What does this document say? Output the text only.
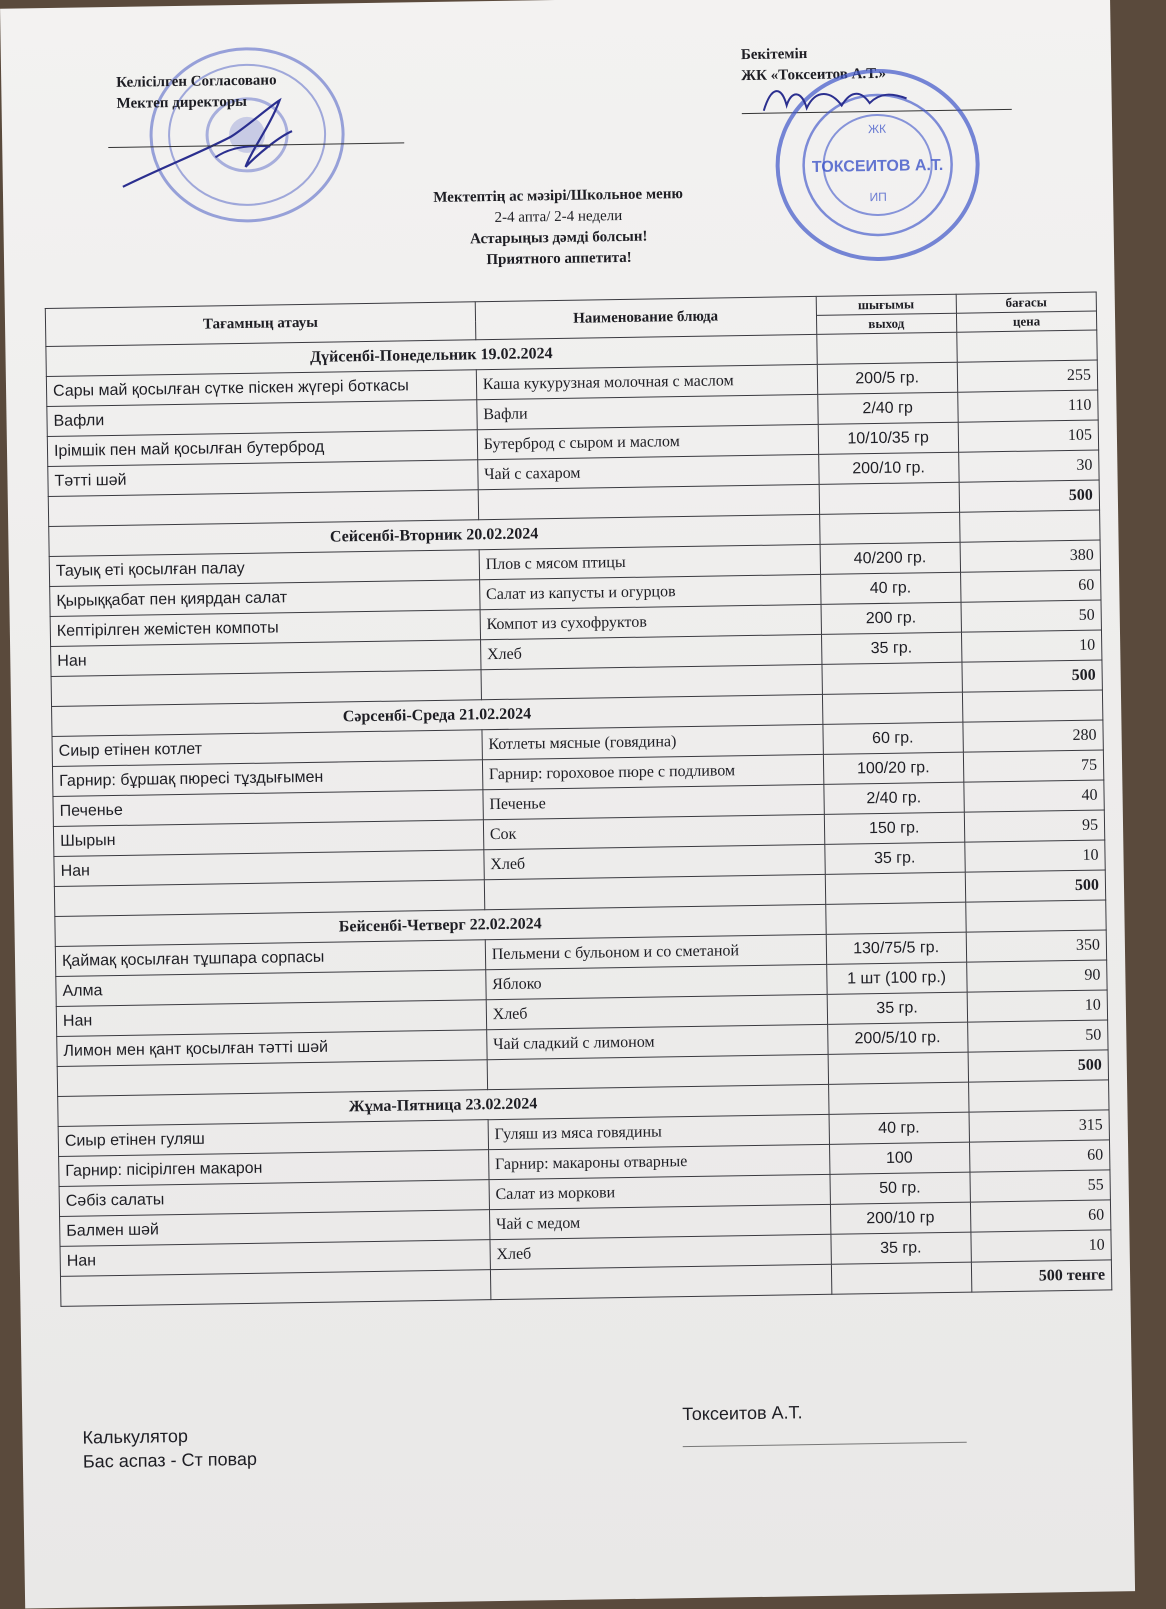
Келісілген Согласовано
Мектеп директоры
Бекітемін
ЖК «Токсеитов А.Т.»
ЖК
ТОКСЕИТОВ А.Т.
ИП
Мектептің ас мәзірі/Школьное меню
2-4 апта/ 2-4 недели
Астарыңыз дәмді болсын!
Приятного аппетита!
Тағамның атауы	Наименование блюда	шығымы	бағасы
		выход	цена
Дүйсенбі-Понедельник 19.02.2024			
Сары май қосылған сүтке піскен жүгері боткасы	Каша кукурузная молочная с маслом	200/5 гр.	255
Вафли	Вафли	2/40 гр	110
Ірімшік пен май қосылған бутерброд	Бутерброд с сыром и маслом	10/10/35 гр	105
Тәтті шәй	Чай с сахаром	200/10 гр.	30
			500
Сейсенбі-Вторник 20.02.2024			
Тауық еті қосылған палау	Плов с мясом птицы	40/200 гр.	380
Қырыққабат пен қиярдан салат	Салат из капусты и огурцов	40 гр.	60
Кептірілген жемістен компоты	Компот из сухофруктов	200 гр.	50
Нан	Хлеб	35 гр.	10
			500
Сәрсенбі-Среда 21.02.2024			
Сиыр етінен котлет	Котлеты мясные (говядина)	60 гр.	280
Гарнир: бұршақ пюресі тұздығымен	Гарнир: гороховое пюре с подливом	100/20 гр.	75
Печенье	Печенье	2/40 гр.	40
Шырын	Сок	150 гр.	95
Нан	Хлеб	35 гр.	10
			500
Бейсенбі-Четверг 22.02.2024			
Қаймақ қосылған тұшпара сорпасы	Пельмени с бульоном и со сметаной	130/75/5 гр.	350
Алма	Яблоко	1 шт (100 гр.)	90
Нан	Хлеб	35 гр.	10
Лимон мен қант қосылған тәтті шәй	Чай сладкий с лимоном	200/5/10 гр.	50
			500
Жұма-Пятница 23.02.2024			
Сиыр етінен гуляш	Гуляш из мяса говядины	40 гр.	315
Гарнир: пісірілген макарон	Гарнир: макароны отварные	100	60
Сәбіз салаты	Салат из моркови	50 гр.	55
Балмен шәй	Чай с медом	200/10 гр	60
Нан	Хлеб	35 гр.	10
			500 тенге
Калькулятор
Бас аспаз - Ст повар
Токсеитов А.Т.
